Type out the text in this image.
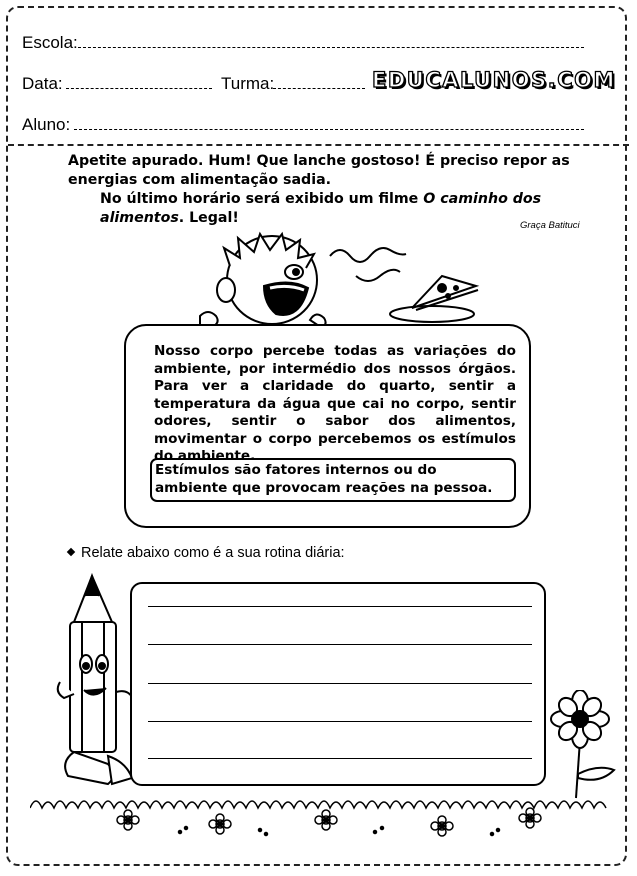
Escola:
Data:	Turma:	EDUCALUNOS.COM
Aluno:

Apetite apurado. Hum! Que lanche gostoso! É preciso repor as energias com alimentação sadia.

No último horário será exibido um filme O caminho dos alimentos. Legal!	Graça Batituci
Nosso corpo percebe todas as variações do ambiente, por intermédio dos nossos órgãos. Para ver a claridade do quarto, sentir a temperatura da água que cai no corpo, sentir odores, sentir o sabor dos alimentos, movimentar o corpo percebemos os estímulos do ambiente.
Estímulos são fatores internos ou do ambiente que provocam reações na pessoa.
Relate abaixo como é a sua rotina diária:
